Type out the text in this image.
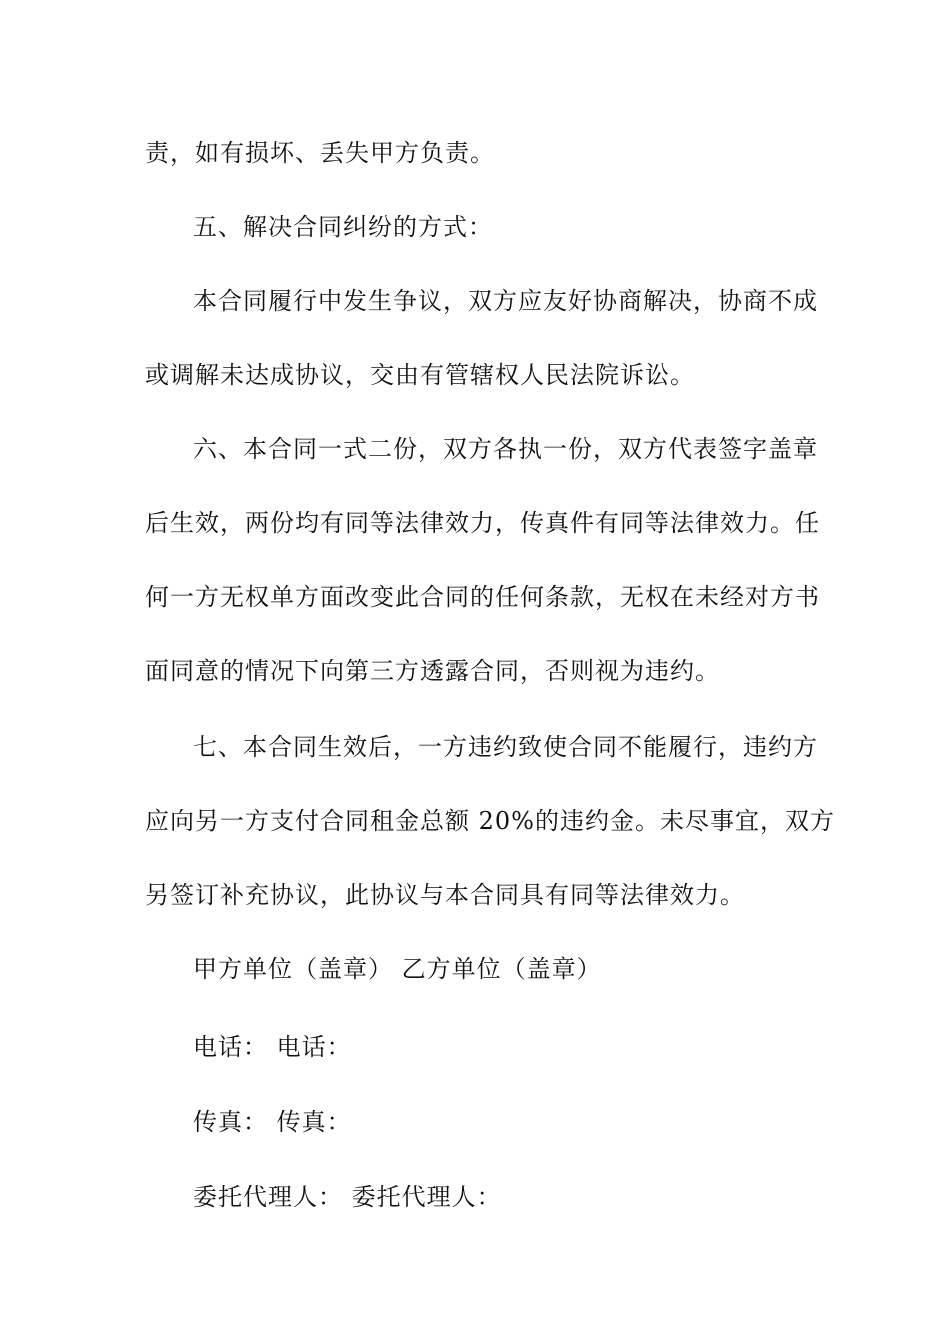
责，如有损坏、丢失甲方负责。
五、解决合同纠纷的方式：
本合同履行中发生争议，双方应友好协商解决，协商不成
或调解未达成协议，交由有管辖权人民法院诉讼。
六、本合同一式二份，双方各执一份，双方代表签字盖章
后生效，两份均有同等法律效力，传真件有同等法律效力。任
何一方无权单方面改变此合同的任何条款，无权在未经对方书
面同意的情况下向第三方透露合同，否则视为违约。
七、本合同生效后，一方违约致使合同不能履行，违约方
应向另一方支付合同租金总额 20%的违约金。未尽事宜，双方
另签订补充协议，此协议与本合同具有同等法律效力。
甲方单位（盖章） 乙方单位（盖章）
电话： 电话：
传真： 传真：
委托代理人： 委托代理人：
